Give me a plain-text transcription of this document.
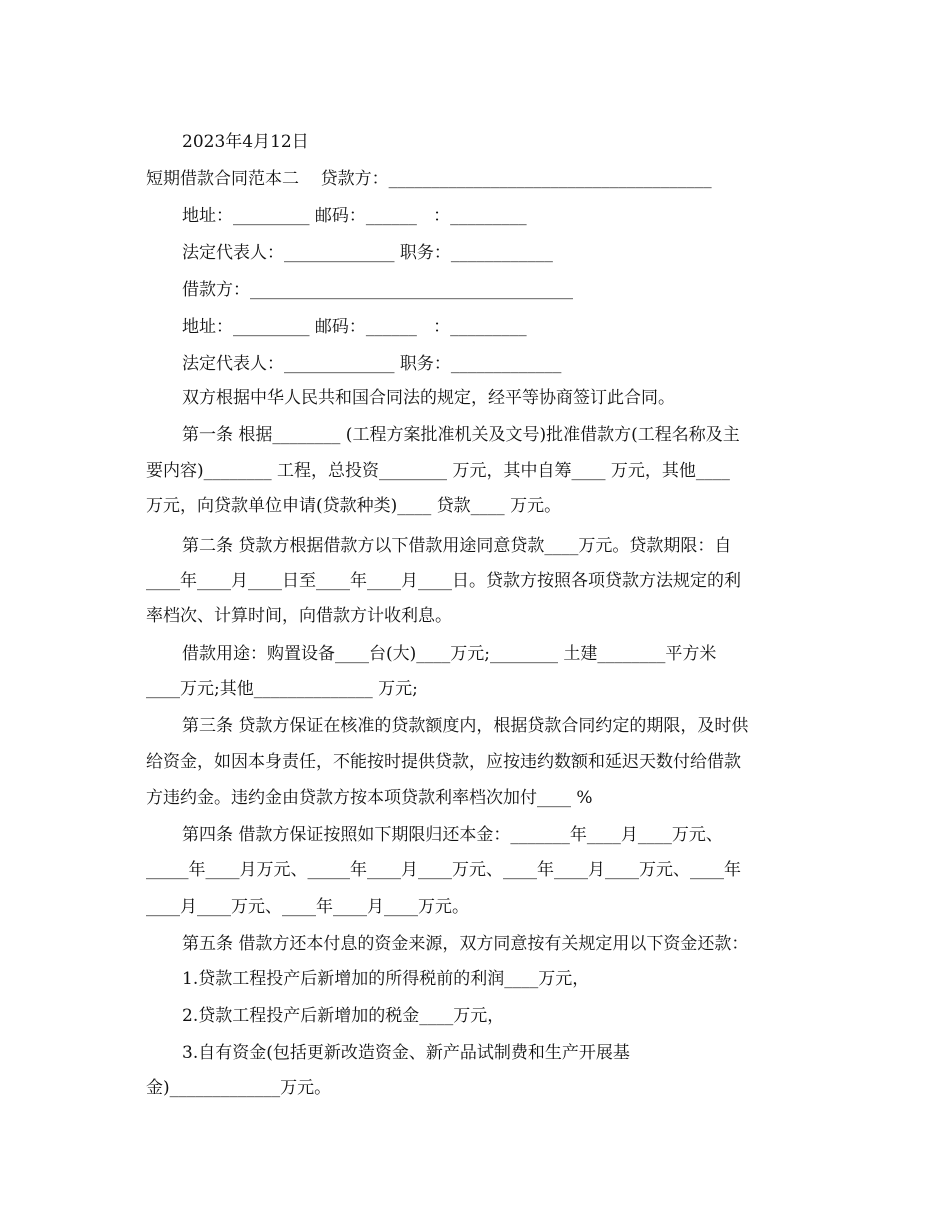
2023年4月12日
短期借款合同范本二    贷款方：______________________________________
地址：_________ 邮码：______   ：_________
法定代表人：_____________ 职务：____________
借款方：______________________________________
地址：_________ 邮码：______   ：_________
法定代表人：_____________ 职务：_____________
双方根据中华人民共和国合同法的规定，经平等协商签订此合同。
第一条 根据________ (工程方案批准机关及文号)批准借款方(工程名称及主
要内容)________ 工程，总投资________ 万元，其中自筹____ 万元，其他____
万元，向贷款单位申请(贷款种类)____ 贷款____ 万元。
第二条 贷款方根据借款方以下借款用途同意贷款____万元。贷款期限：自
____年____月____日至____年____月____日。贷款方按照各项贷款方法规定的利
率档次、计算时间，向借款方计收利息。
借款用途：购置设备____台(大)____万元;________ 土建________平方米
____万元;其他______________ 万元;
第三条 贷款方保证在核准的贷款额度内，根据贷款合同约定的期限，及时供
给资金，如因本身责任，不能按时提供贷款，应按违约数额和延迟天数付给借款
方违约金。违约金由贷款方按本项贷款利率档次加付____ %
第四条 借款方保证按照如下期限归还本金：_______年____月____万元、
_____年____月万元、_____年____月____万元、____年____月____万元、____年
____月____万元、____年____月____万元。
第五条 借款方还本付息的资金来源，双方同意按有关规定用以下资金还款：
1.贷款工程投产后新增加的所得税前的利润____万元，
2.贷款工程投产后新增加的税金____万元，
3.自有资金(包括更新改造资金、新产品试制费和生产开展基
金)_____________万元。
